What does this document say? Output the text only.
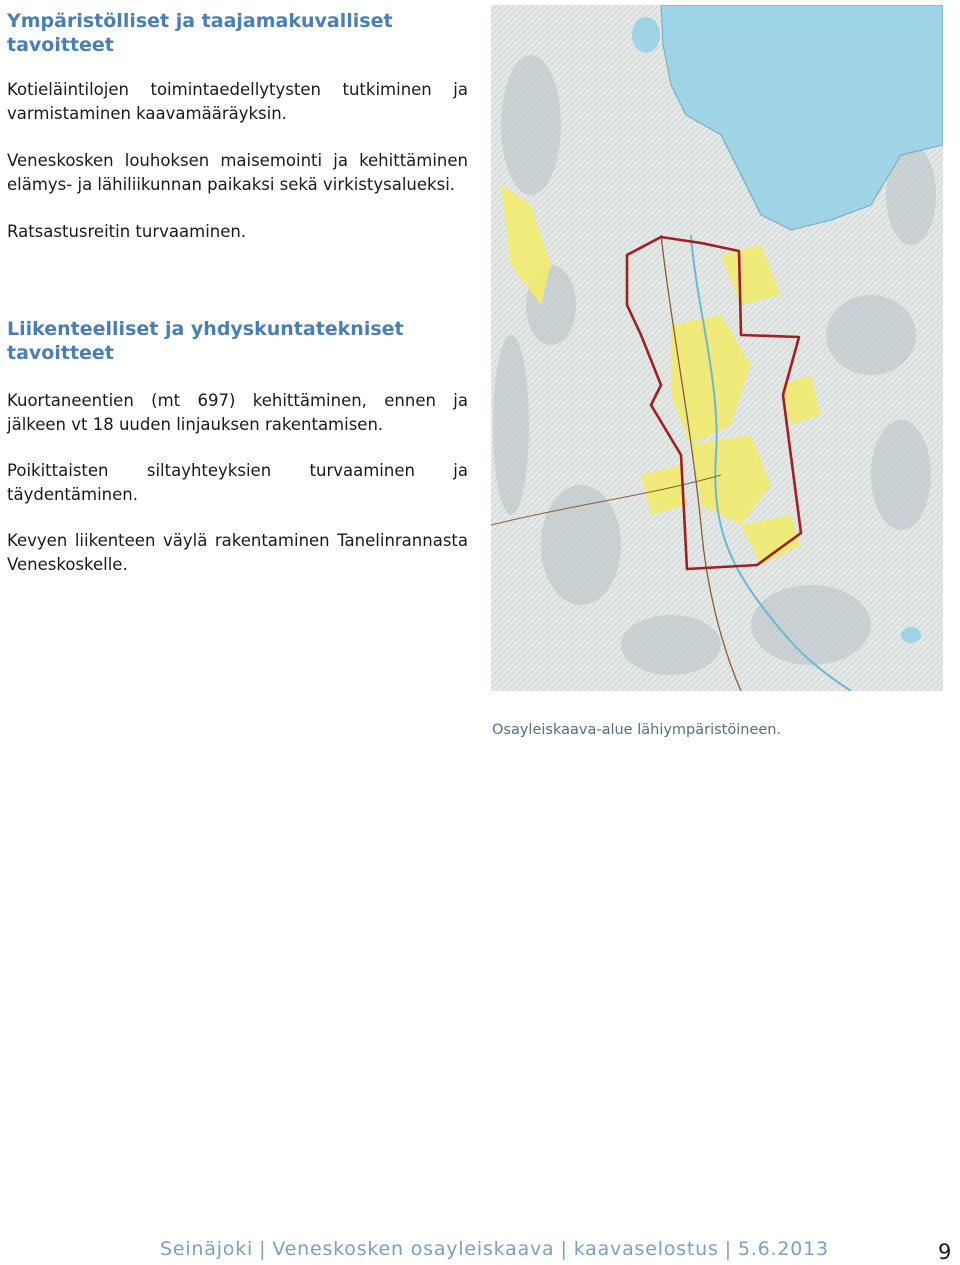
Ympäristölliset ja taajamakuvalliset tavoitteet

Kotieläintilojen toimintaedellytysten tutkiminen ja varmistaminen kaavamääräyksin.

Veneskosken louhoksen maisemointi ja kehittäminen elämys- ja lähiliikunnan paikaksi sekä virkistysalueksi.

Ratsastusreitin turvaaminen.

Liikenteelliset ja yhdyskuntatekniset tavoitteet

Kuortaneentien (mt 697) kehittäminen, ennen ja jälkeen vt 18 uuden linjauksen rakentamisen.

Poikittaisten siltayhteyksien turvaaminen ja täydentäminen.

Kevyen liikenteen väylä rakentaminen Tanelinrannasta Veneskoskelle.

Osayleiskaava-alue lähiympäristöineen.
Seinäjoki | Veneskosken osayleiskaava | kaavaselostus | 5.6.2013	9
